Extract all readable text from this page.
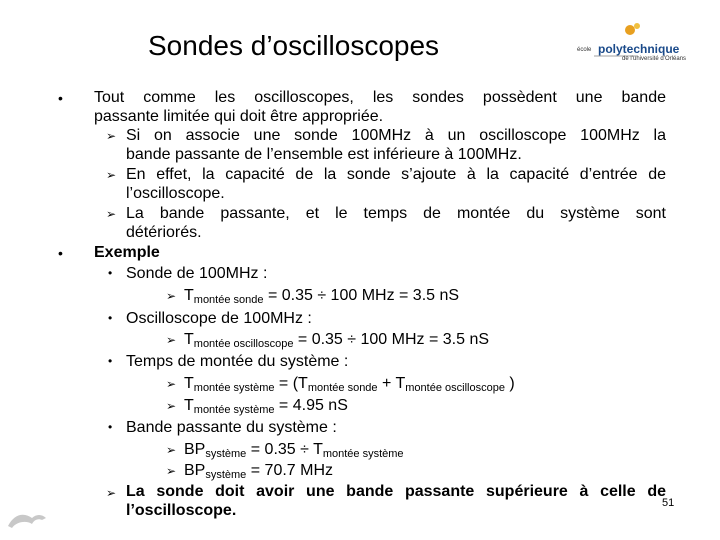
Sondes d’oscilloscopes	école polytechnique
de l’université d’Orléans
• Tout comme les oscilloscopes, les sondes possèdent une bande
passante limitée qui doit être appropriée.
➢ Si on associe une sonde 100MHz à un oscilloscope 100MHz la
bande passante de l’ensemble est inférieure à 100MHz.
➢ En effet, la capacité de la sonde s’ajoute à la capacité d’entrée de
l’oscilloscope.
➢ La bande passante, et le temps de montée du système sont
détériorés.
• Exemple
• Sonde de 100MHz :
➢ $T_{montée sonde} = 0.35 \div 100$ MHz = 3.5 nS
• Oscilloscope de 100MHz :
➢ $T_{montée oscilloscope} = 0.35 \div 100$ MHz = 3.5 nS
• Temps de montée du système :
➢ $T_{montée système} = (T_{montée sonde} + T_{montée oscilloscope}$ )
➢ $T_{montée système} = 4.95$ nS
• Bande passante du système :
➢ $BP_{système} = 0.35 \div T_{montée système}$
➢ $BP_{système} = 70.7$ MHz
➢ La sonde doit avoir une bande passante supérieure à celle de
l’oscilloscope.	51
